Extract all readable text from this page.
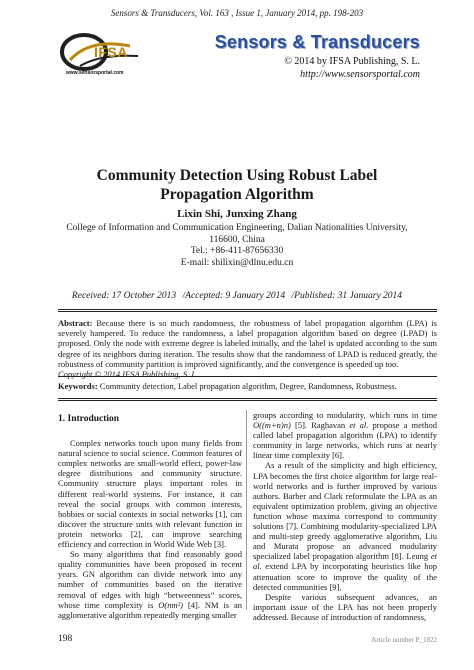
Sensors & Transducers, Vol. 163 , Issue 1, January 2014, pp. 198-203
IFSA
www.sensorsportal.com
Sensors & Transducers
© 2014 by IFSA Publishing, S. L.
http://www.sensorsportal.com
Community Detection Using Robust Label
Propagation Algorithm
Lixin Shi, Junxing Zhang
College of Information and Communication Engineering, Dalian Nationalities University,
116600, China
Tel.: +86-411-87656330
E-mail: shilixin@dlnu.edu.cn
Received: 17 October 2013 /Accepted: 9 January 2014 /Published: 31 January 2014
Abstract: Because there is so much randomness, the robustness of label propagation algorithm (LPA) is severely hampered. To reduce the randomness, a label propagation algorithm based on degree (LPAD) is proposed. Only the node with extreme degree is labeled initially, and the label is updated according to the sum degree of its neighbors during iteration. The results show that the randomness of LPAD is reduced greatly, the robustness of community partition is improved significantly, and the convergence is speeded up too.
Copyright © 2014 IFSA Publishing, S. L.
Keywords: Community detection, Label propagation algorithm, Degree, Randomness, Robustness.
1. Introduction

Complex networks touch upon many fields from natural science to social science. Common features of complex networks are small-world effect, power-law degree distributions and community structure. Community structure plays important roles in different real-world systems. For instance, it can reveal the social groups with common interests, hobbies or social contexts in social networks [1], can discover the structure units with relevant function in protein networks [2], can improve searching efficiency and correction in World Wide Web [3].

So many algorithms that find reasonably good quality communities have been proposed in recent years. GN algorithm can divide network into any number of communities based on the iterative removal of edges with high “betweenness” scores, whose time complexity is O(nm²) [4]. NM is an agglomerative algorithm repeatedly merging smaller

groups according to modularity, which runs in time O((m+n)n) [5]. Raghavan et al. propose a method called label propagation algorithm (LPA) to identify community in large networks, which runs at nearly linear time complexity [6].

As a result of the simplicity and high efficiency, LPA becomes the first choice algorithm for large real-world networks and is further improved by various authors. Barber and Clark reformulate the LPA as an equivalent optimization problem, giving an objective function whose maxima correspond to community solutions [7]. Combining modularity-specialized LPA and multi-step greedy agglomerative algorithm, Liu and Murata propose an advanced modularity specialized label propagation algorithm [8]. Leung et al. extend LPA by incorporating heuristics like hop attenuation score to improve the quality of the detected communities [9].

Despite various subsequent advances, an important issue of the LPA has not been properly addressed. Because of introduction of randomness,

198	Article number P_1822
